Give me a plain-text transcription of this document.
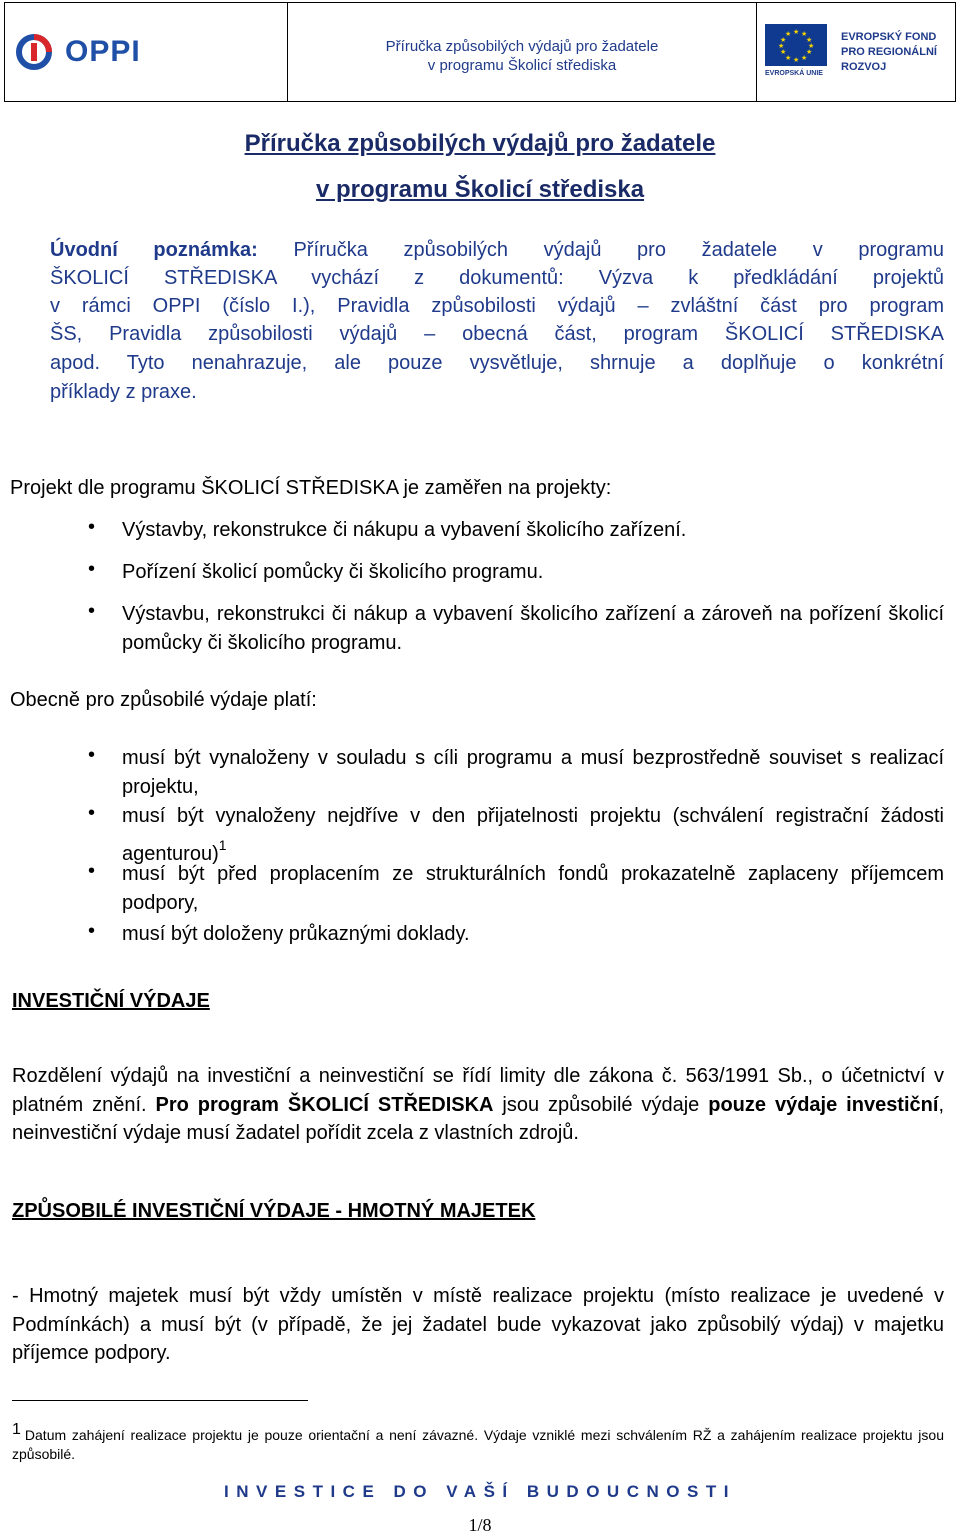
OPPI	Příručka způsobilých výdajů pro žadatele
v programu Školicí střediska
★ ★
★
★
★
★
★
★
★
★
★
★
EVROPSKÁ UNIE
EVROPSKÝ FOND
PRO REGIONÁLNÍ
ROZVOJ
Příručka způsobilých výdajů pro žadatele
v programu Školicí střediska
Úvodní poznámka: Příručka způsobilých výdajů pro žadatele v programu
ŠKOLICÍ STŘEDISKA vychází z dokumentů: Výzva k předkládání projektů
v rámci OPPI (číslo I.), Pravidla způsobilosti výdajů – zvláštní část pro program
ŠS, Pravidla způsobilosti výdajů – obecná část, program ŠKOLICÍ STŘEDISKA
apod. Tyto nenahrazuje, ale pouze vysvětluje, shrnuje a doplňuje o konkrétní
příklady z praxe.
Projekt dle programu ŠKOLICÍ STŘEDISKA je zaměřen na projekty:
• Výstavby, rekonstrukce či nákupu a vybavení školicího zařízení.
• Pořízení školicí pomůcky či školicího programu.
• Výstavbu, rekonstrukci či nákup a vybavení školicího zařízení a zároveň na pořízení školicí pomůcky či školicího programu.
Obecně pro způsobilé výdaje platí:
• musí být vynaloženy v souladu s cíli programu a musí bezprostředně souviset s realizací projektu,
• musí být vynaloženy nejdříve v den přijatelnosti projektu (schválení registrační žádosti agenturou)$^1$
• musí být před proplacením ze strukturálních fondů prokazatelně zaplaceny příjemcem podpory,
• musí být doloženy průkaznými doklady.
INVESTIČNÍ VÝDAJE
Rozdělení výdajů na investiční a neinvestiční se řídí limity dle zákona č. 563/1991 Sb., o účetnictví v platném znění. Pro program ŠKOLICÍ STŘEDISKA jsou způsobilé výdaje pouze výdaje investiční, neinvestiční výdaje musí žadatel pořídit zcela z vlastních zdrojů.
ZPŮSOBILÉ INVESTIČNÍ VÝDAJE - HMOTNÝ MAJETEK
- Hmotný majetek musí být vždy umístěn v místě realizace projektu (místo realizace je uvedené v Podmínkách) a musí být (v případě, že jej žadatel bude vykazovat jako způsobilý výdaj) v majetku příjemce podpory.
$^1$ Datum zahájení realizace projektu je pouze orientační a není závazné. Výdaje vzniklé mezi schválením RŽ a zahájením realizace projektu jsou způsobilé.
INVESTICE DO VAŠÍ BUDOUCNOSTI
1/8
